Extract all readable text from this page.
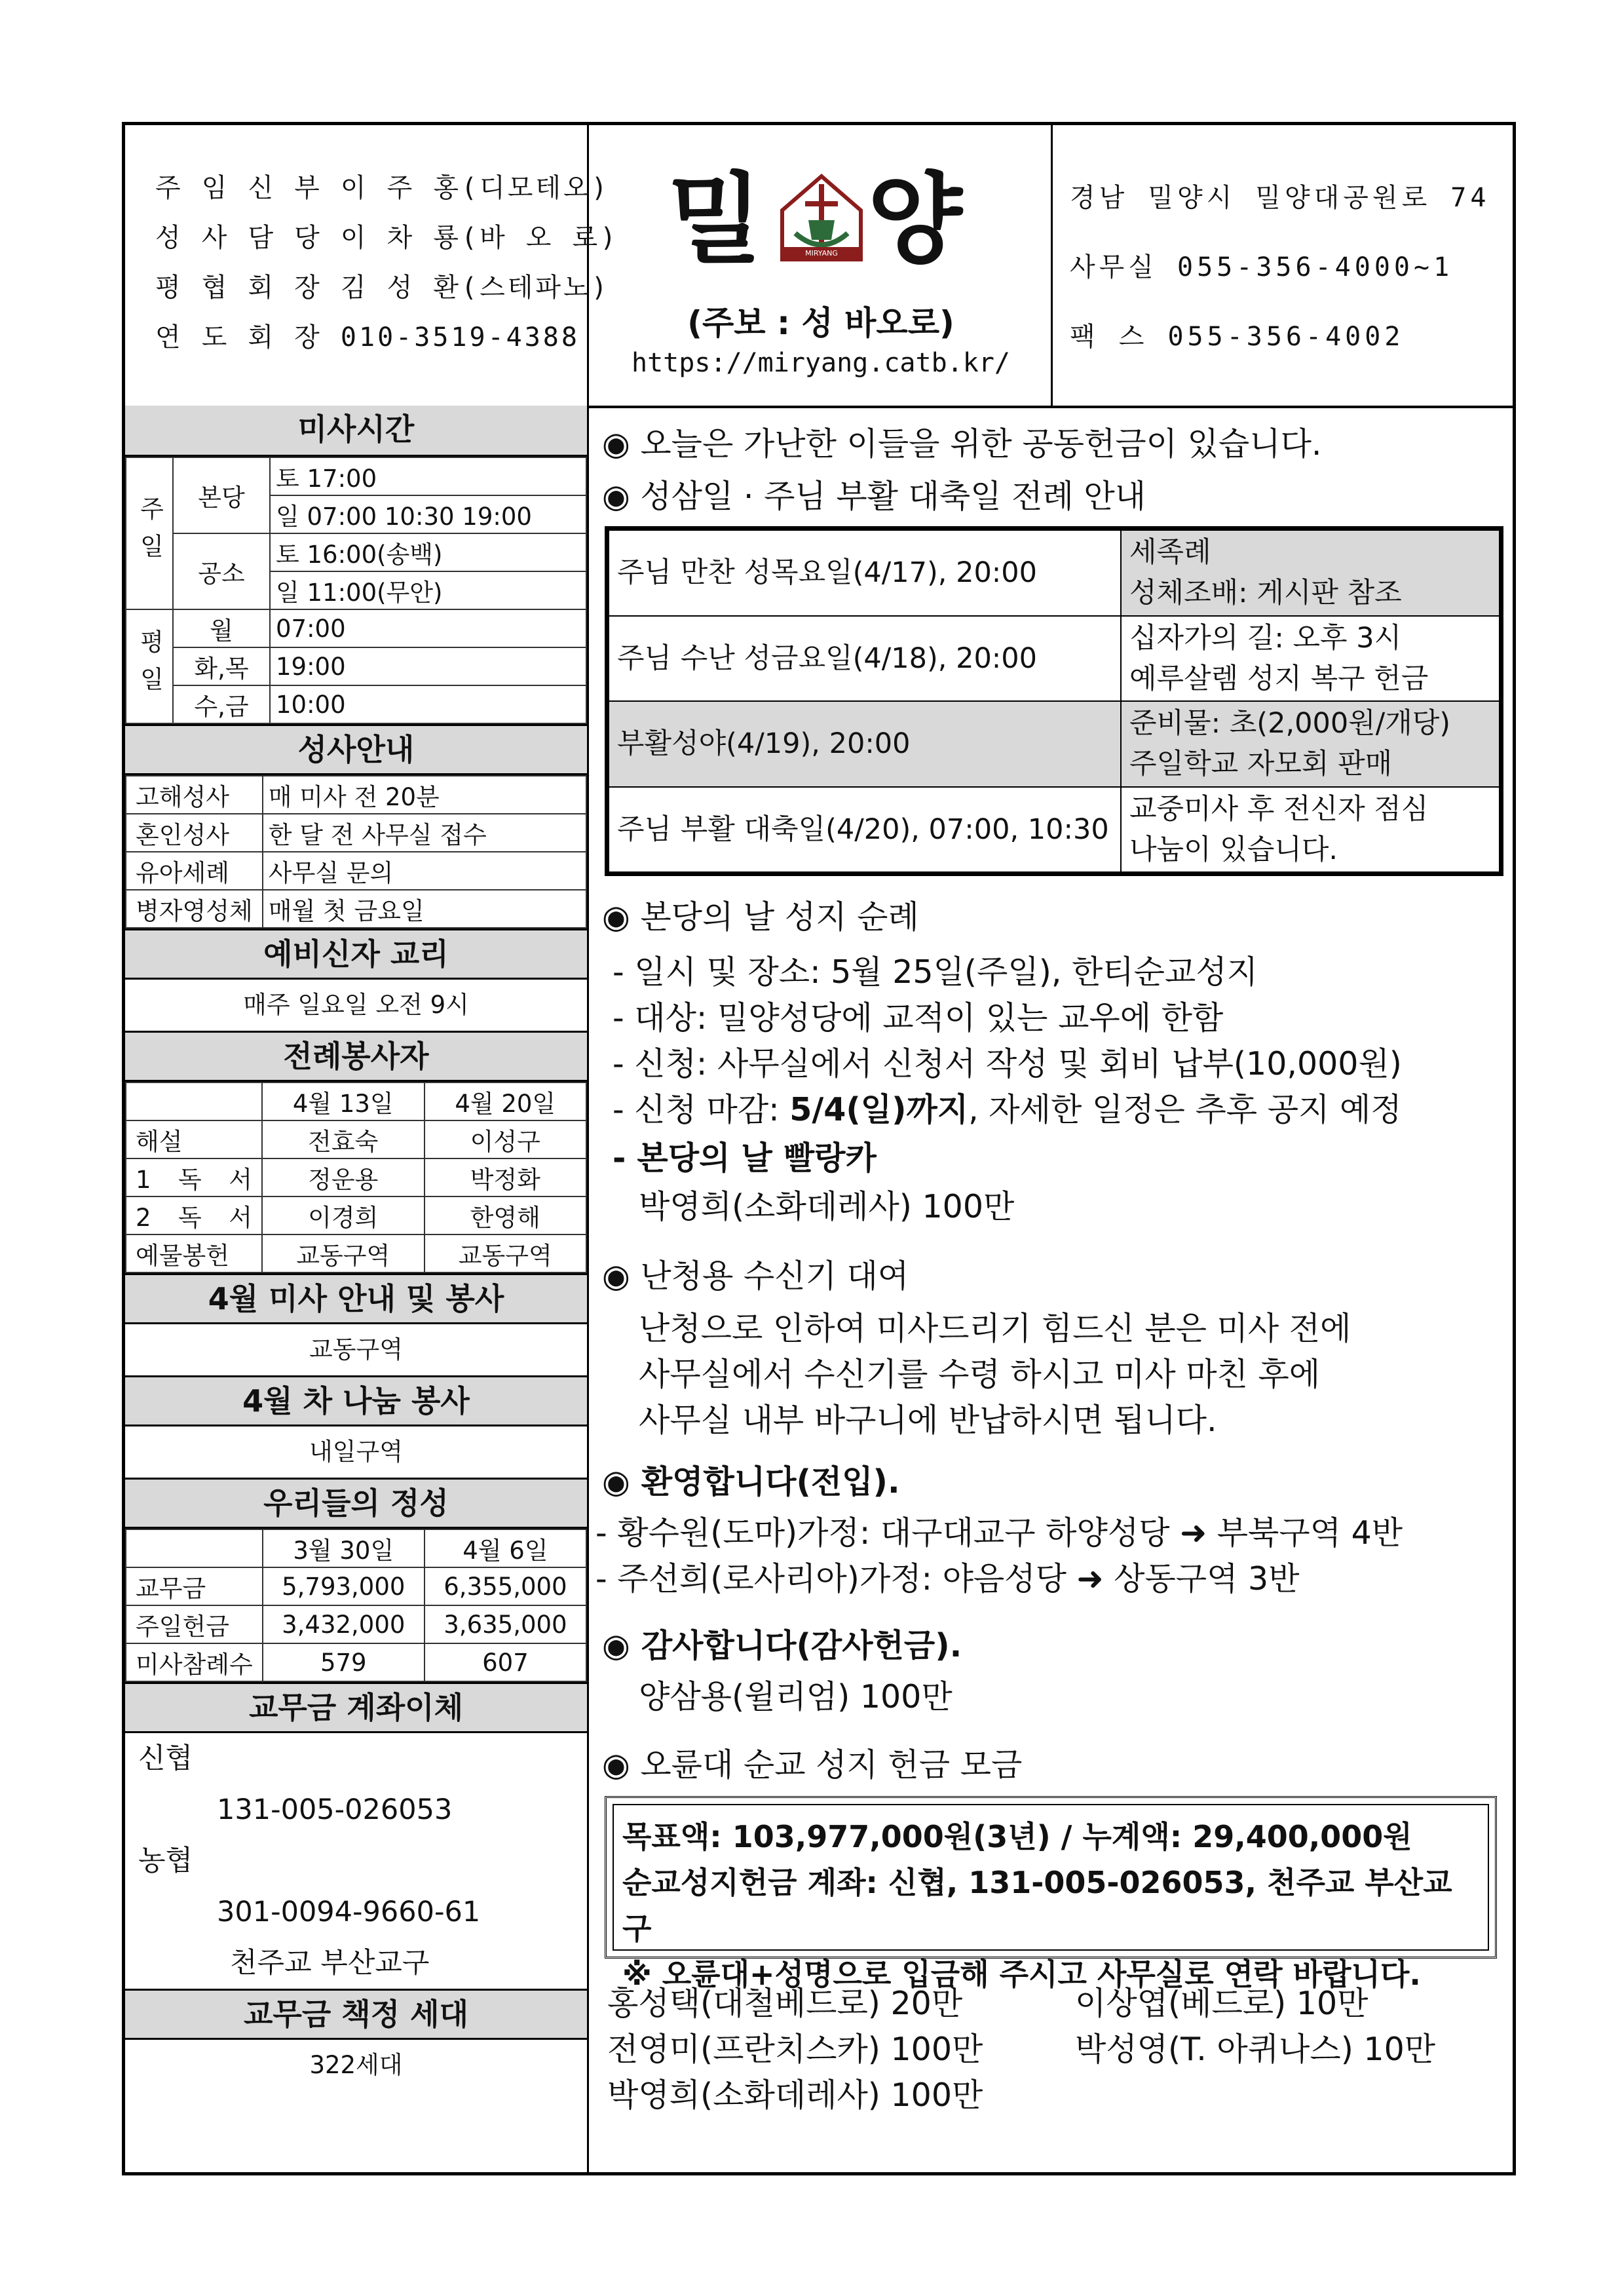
주 임 신 부 이 주 홍(디모테오)
성 사 담 당 이 차 룡(바 오 로)
평 협 회 장 김 성 환(스테파노)
연 도 회 장 010-3519-4388
밀	MIRYANG 양
(주보 : 성 바오로)
https://miryang.catb.kr/
경남 밀양시 밀양대공원로 74
사무실 055-356-4000~1
팩 스 055-356-4002
미사시간
주일	본당	토 17:00
		일 07:00 10:30 19:00
	공소	토 16:00(송백)
		일 11:00(무안)
평일	월	07:00
	화,목	19:00
	수,금	10:00
성사안내
고해성사	매 미사 전 20분
혼인성사	한 달 전 사무실 접수
유아세례	사무실 문의
병자영성체	매월 첫 금요일
예비신자 교리
매주 일요일 오전 9시
전례봉사자
	4월 13일	4월 20일
해설	전효숙	이성구
1 독 서	정운용	박정화
2 독 서	이경희	한영해
예물봉헌	교동구역	교동구역
4월 미사 안내 및 봉사
교동구역
4월 차 나눔 봉사
내일구역
우리들의 정성
	3월 30일	4월 6일
교무금	5,793,000	6,355,000
주일헌금	3,432,000	3,635,000
미사참례수	579	607
교무금 계좌이체
신협
131-005-026053
농협
301-0094-9660-61
천주교 부산교구
교무금 책정 세대
322세대
◉ 오늘은 가난한 이들을 위한 공동헌금이 있습니다.
◉ 성삼일 · 주님 부활 대축일 전례 안내
주님 만찬 성목요일(4/17), 20:00	세족례
성체조배: 게시판 참조

주님 수난 성금요일(4/18), 20:00	십자가의 길: 오후 3시
예루살렘 성지 복구 헌금

부활성야(4/19), 20:00	준비물: 초(2,000원/개당)
주일학교 자모회 판매

주님 부활 대축일(4/20), 07:00, 10:30	교중미사 후 전신자 점심
나눔이 있습니다.
◉ 본당의 날 성지 순례
- 일시 및 장소: 5월 25일(주일), 한티순교성지
- 대상: 밀양성당에 교적이 있는 교우에 한함
- 신청: 사무실에서 신청서 작성 및 회비 납부(10,000원)
- 신청 마감: 5/4(일)까지, 자세한 일정은 추후 공지 예정
- 본당의 날 빨랑카
박영희(소화데레사) 100만
◉ 난청용 수신기 대여
난청으로 인하여 미사드리기 힘드신 분은 미사 전에
사무실에서 수신기를 수령 하시고 미사 마친 후에
사무실 내부 바구니에 반납하시면 됩니다.
◉ 환영합니다(전입).
- 황수원(도마)가정: 대구대교구 하양성당 ➜ 부북구역 4반
- 주선희(로사리아)가정: 야음성당 ➜ 상동구역 3반
◉ 감사합니다(감사헌금).
양삼용(윌리엄) 100만
◉ 오륜대 순교 성지 헌금 모금
목표액: 103,977,000원(3년) / 누계액: 29,400,000원
순교성지헌금 계좌: 신협, 131-005-026053, 천주교 부산교구
※ 오륜대+성명으로 입금해 주시고 사무실로 연락 바랍니다.
홍성택(대철베드로) 20만	이상엽(베드로) 10만
전영미(프란치스카) 100만	박성영(T. 아퀴나스) 10만
박영희(소화데레사) 100만
